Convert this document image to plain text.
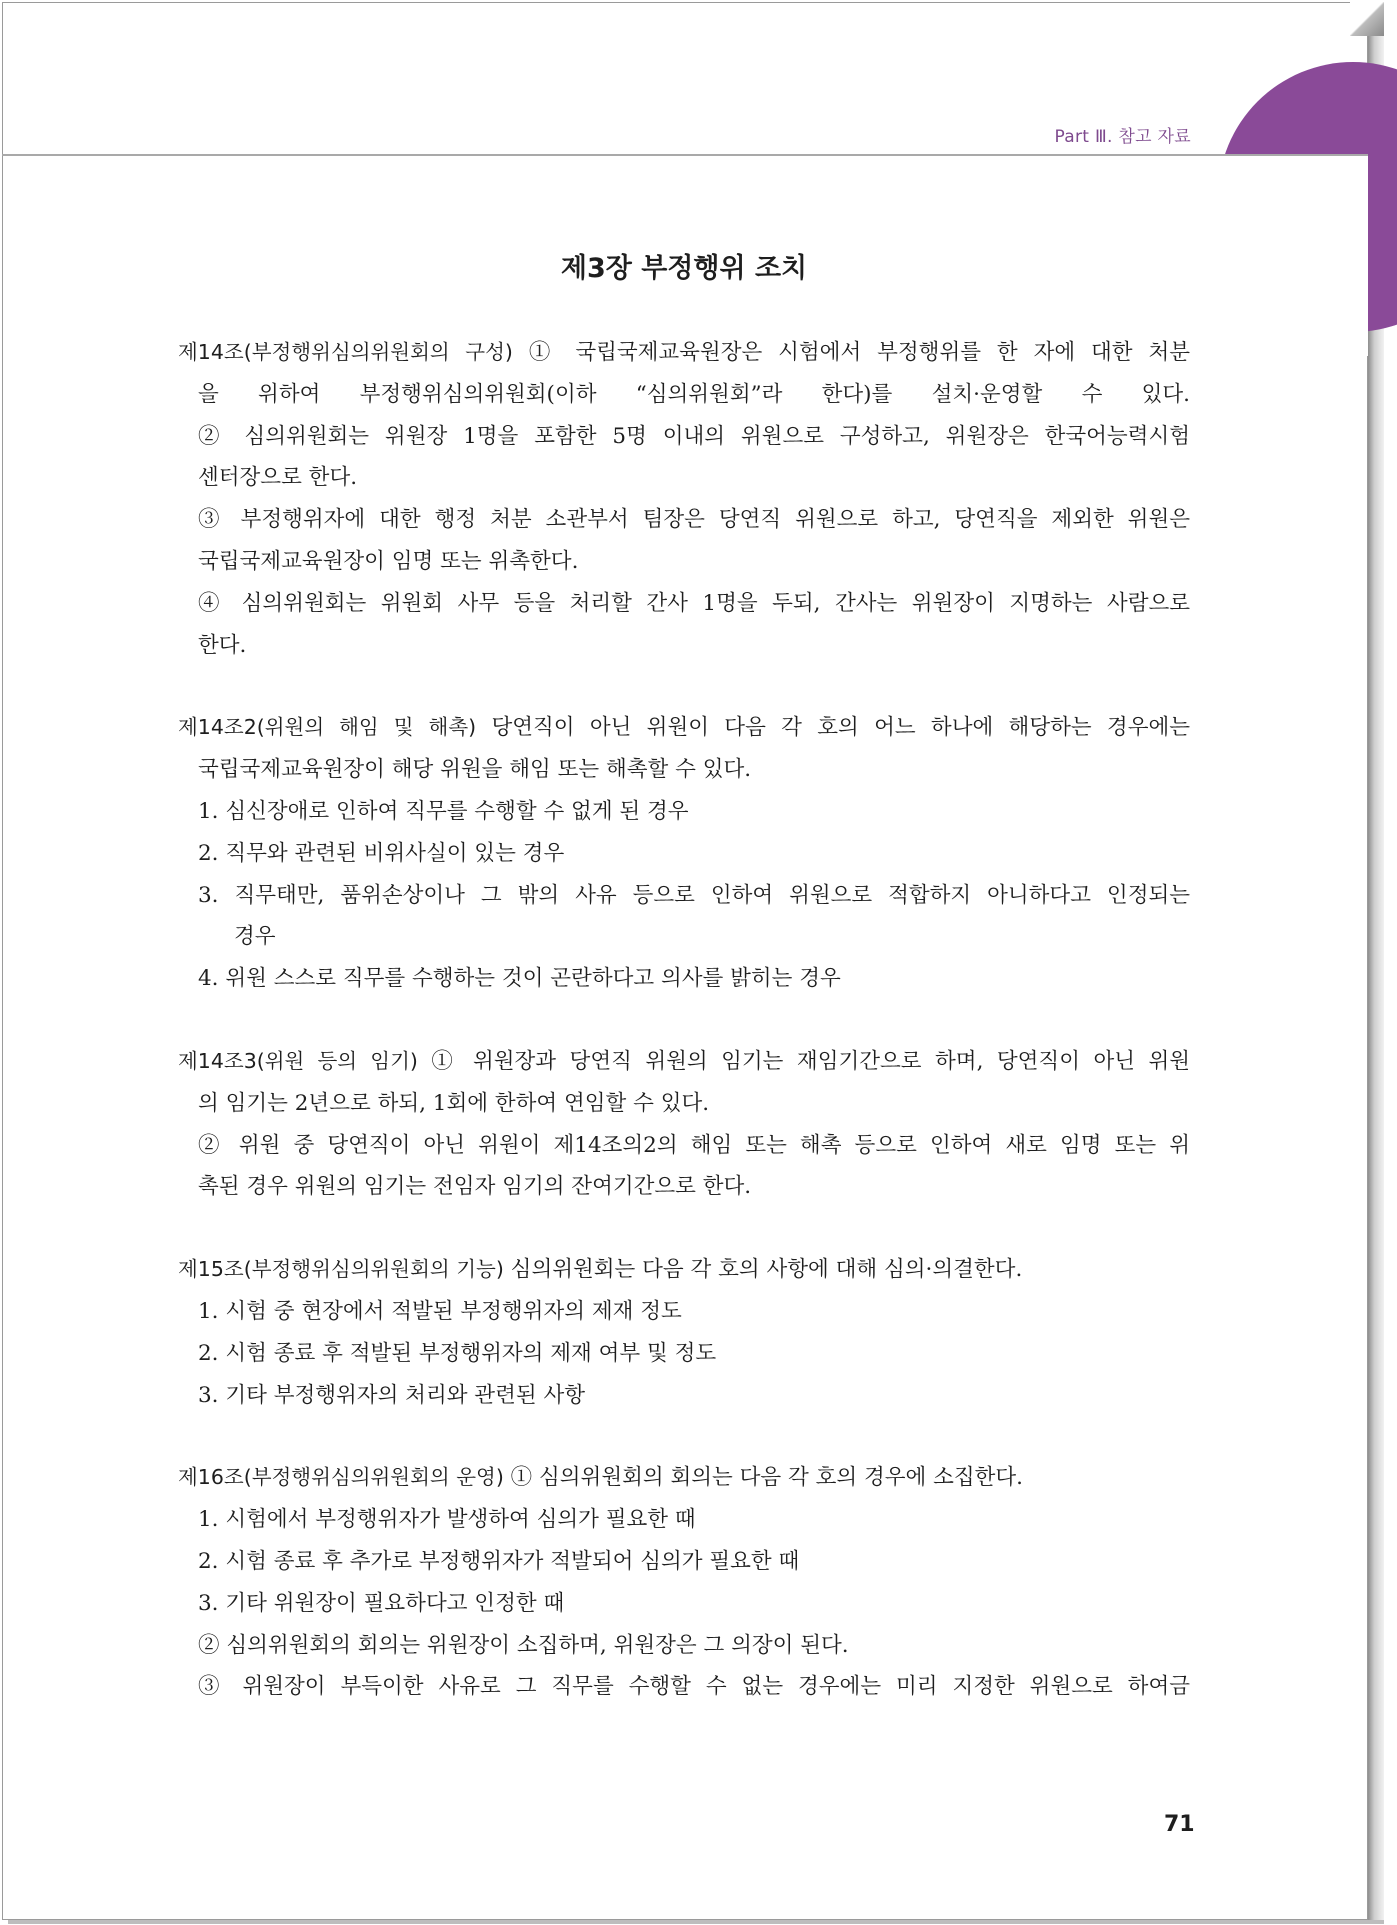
Part Ⅲ. 참고 자료
제3장 부정행위 조치
제14조(부정행위심의위원회의 구성) ① 국립국제교육원장은 시험에서 부정행위를 한 자에 대한 처분
을 위하여 부정행위심의위원회(이하 “심의위원회”라 한다)를 설치·운영할 수 있다.
② 심의위원회는 위원장 1명을 포함한 5명 이내의 위원으로 구성하고, 위원장은 한국어능력시험
센터장으로 한다.
③ 부정행위자에 대한 행정 처분 소관부서 팀장은 당연직 위원으로 하고, 당연직을 제외한 위원은
국립국제교육원장이 임명 또는 위촉한다.
④ 심의위원회는 위원회 사무 등을 처리할 간사 1명을 두되, 간사는 위원장이 지명하는 사람으로
한다.
제14조2(위원의 해임 및 해촉) 당연직이 아닌 위원이 다음 각 호의 어느 하나에 해당하는 경우에는
국립국제교육원장이 해당 위원을 해임 또는 해촉할 수 있다.
1. 심신장애로 인하여 직무를 수행할 수 없게 된 경우
2. 직무와 관련된 비위사실이 있는 경우
3. 직무태만, 품위손상이나 그 밖의 사유 등으로 인하여 위원으로 적합하지 아니하다고 인정되는
경우
4. 위원 스스로 직무를 수행하는 것이 곤란하다고 의사를 밝히는 경우
제14조3(위원 등의 임기) ① 위원장과 당연직 위원의 임기는 재임기간으로 하며, 당연직이 아닌 위원
의 임기는 2년으로 하되, 1회에 한하여 연임할 수 있다.
② 위원 중 당연직이 아닌 위원이 제14조의2의 해임 또는 해촉 등으로 인하여 새로 임명 또는 위
촉된 경우 위원의 임기는 전임자 임기의 잔여기간으로 한다.
제15조(부정행위심의위원회의 기능) 심의위원회는 다음 각 호의 사항에 대해 심의·의결한다.
1. 시험 중 현장에서 적발된 부정행위자의 제재 정도
2. 시험 종료 후 적발된 부정행위자의 제재 여부 및 정도
3. 기타 부정행위자의 처리와 관련된 사항
제16조(부정행위심의위원회의 운영) ① 심의위원회의 회의는 다음 각 호의 경우에 소집한다.
1. 시험에서 부정행위자가 발생하여 심의가 필요한 때
2. 시험 종료 후 추가로 부정행위자가 적발되어 심의가 필요한 때
3. 기타 위원장이 필요하다고 인정한 때
② 심의위원회의 회의는 위원장이 소집하며, 위원장은 그 의장이 된다.
③ 위원장이 부득이한 사유로 그 직무를 수행할 수 없는 경우에는 미리 지정한 위원으로 하여금
71
